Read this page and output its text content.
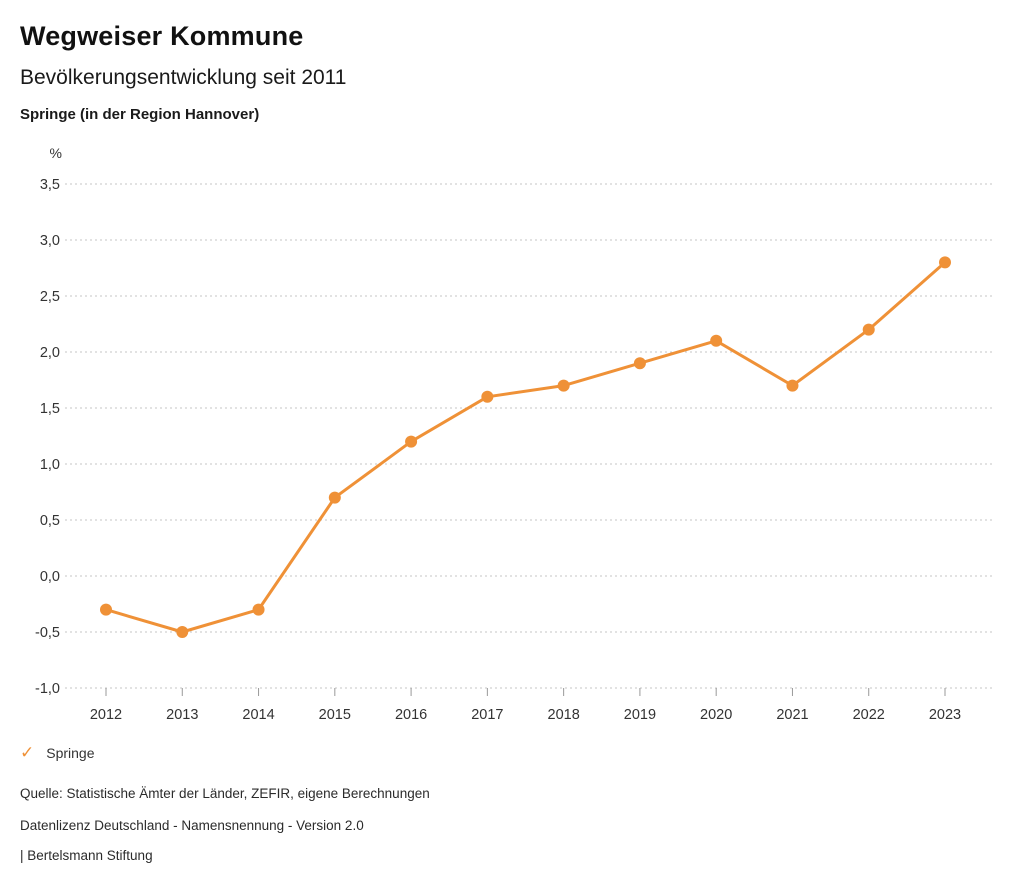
Wegweiser Kommune
Bevölkerungsentwicklung seit 2011
Springe (in der Region Hannover)
%
3,5
3,0
2,5
2,0
1,5
1,0
0,5
0,0
-0,5
-1,0
2012	2013	2014	2015	2016	2017	2018	2019	2020	2021	2022	2023
✓ Springe
Quelle: Statistische Ämter der Länder, ZEFIR, eigene Berechnungen
Datenlizenz Deutschland - Namensnennung - Version 2.0
| Bertelsmann Stiftung
